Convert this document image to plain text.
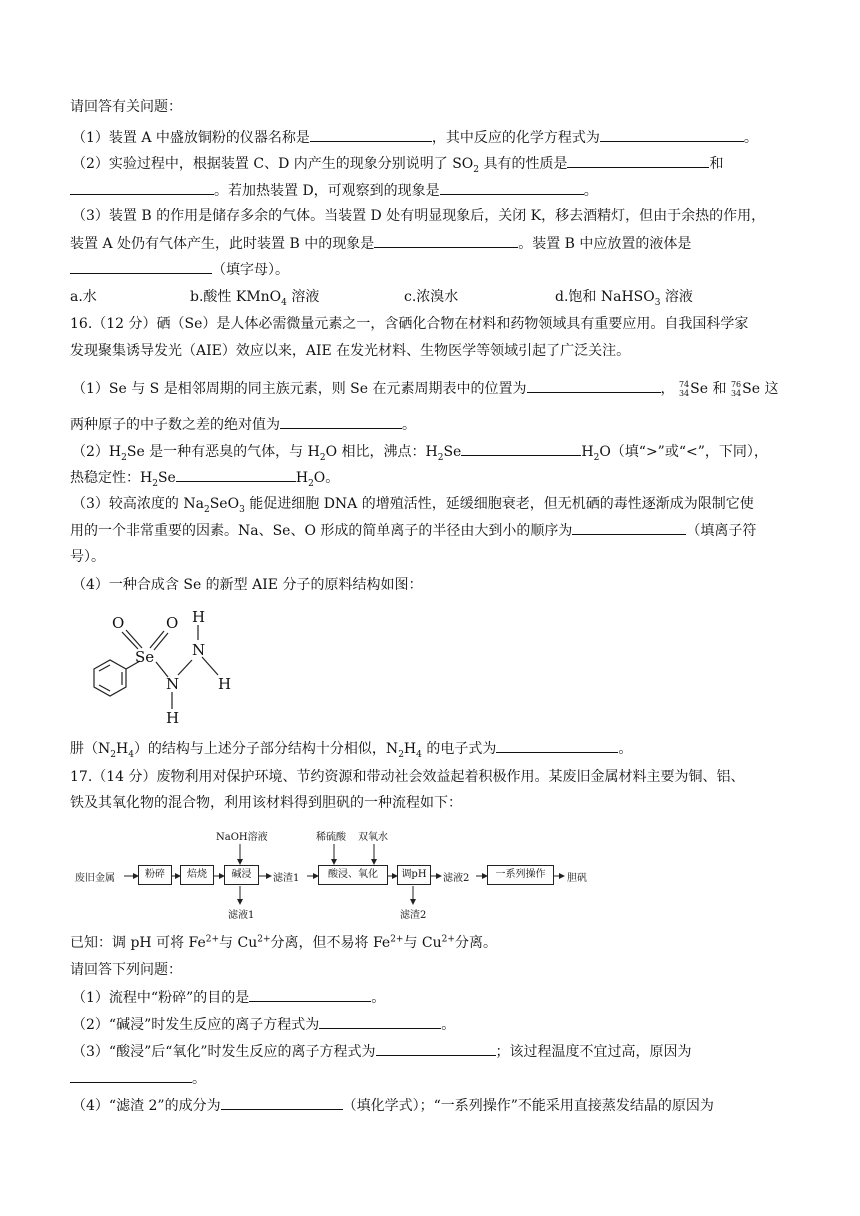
请回答有关问题：
（1）装置 A 中盛放铜粉的仪器名称是	，其中反应的化学方程式为	。
（2）实验过程中，根据装置 C、D 内产生的现象分别说明了 $SO_2$ 具有的性质是	和
。若加热装置 D，可观察到的现象是	。
（3）装置 B 的作用是储存多余的气体。当装置 D 处有明显现象后，关闭 K，移去酒精灯，但由于余热的作用，
装置 A 处仍有气体产生，此时装置 B 中的现象是	。装置 B 中应放置的液体是
（填字母）。
a.水	b.酸性 KMnO$_4$ 溶液	c.浓溴水	d.饱和 NaHSO$_3$ 溶液
16.（12 分）硒（Se）是人体必需微量元素之一，含硒化合物在材料和药物领域具有重要应用。自我国科学家
发现聚集诱导发光（AIE）效应以来，AIE 在发光材料、生物医学等领域引起了广泛关注。
（1）Se 与 S 是相邻周期的同主族元素，则 Se 在元素周期表中的位置为	， 74
34 Se 和 76
34 Se 这
两种原子的中子数之差的绝对值为	。
$(2)H_2Se$ 是一种有恶臭的气体，与 $H_2O$ 相比，沸点：$H_2Se$	$H_2O$（填“>”或“<”，下同），
热稳定性：$H_2Se$	$H_2O$。
（3）较高浓度的 $Na_2SeO_3$ 能促进细胞 DNA 的增殖活性，延缓细胞衰老，但无机硒的毒性逐渐成为限制它使
用的一个非常重要的因素。Na、Se、O 形成的简单离子的半径由大到小的顺序为	（填离子符
号）。
（4）一种合成含 Se 的新型 AIE 分子的原料结构如图：
O	O
Se	N
N
H
H
H
肼$(N_2H_4)$的结构与上述分子部分结构十分相似，$N_2H_4$ 的电子式为	。
17.（14 分）废物利用对保护环境、节约资源和带动社会效益起着积极作用。某废旧金属材料主要为铜、铝、
铁及其氧化物的混合物，利用该材料得到胆矾的一种流程如下：
废旧金属	粉碎	焙烧	碱浸
NaOH溶液
滤液1
滤渣1
稀硫酸 双氧水
酸浸、氧化	调pH
滤渣2
滤液2	一系列操作	胆矾
已知：调 pH 可将 $Fe^{2+}$与 $Cu^{2+}$分离，但不易将 $Fe^{2+}$与 $Cu^{2+}$分离。
请回答下列问题：
（1）流程中“粉碎”的目的是	。
（2）“碱浸”时发生反应的离子方程式为	。
（3）“酸浸”后“氧化”时发生反应的离子方程式为	；该过程温度不宜过高，原因为
。
（4）“滤渣 2”的成分为	（填化学式）；“一系列操作”不能采用直接蒸发结晶的原因为
